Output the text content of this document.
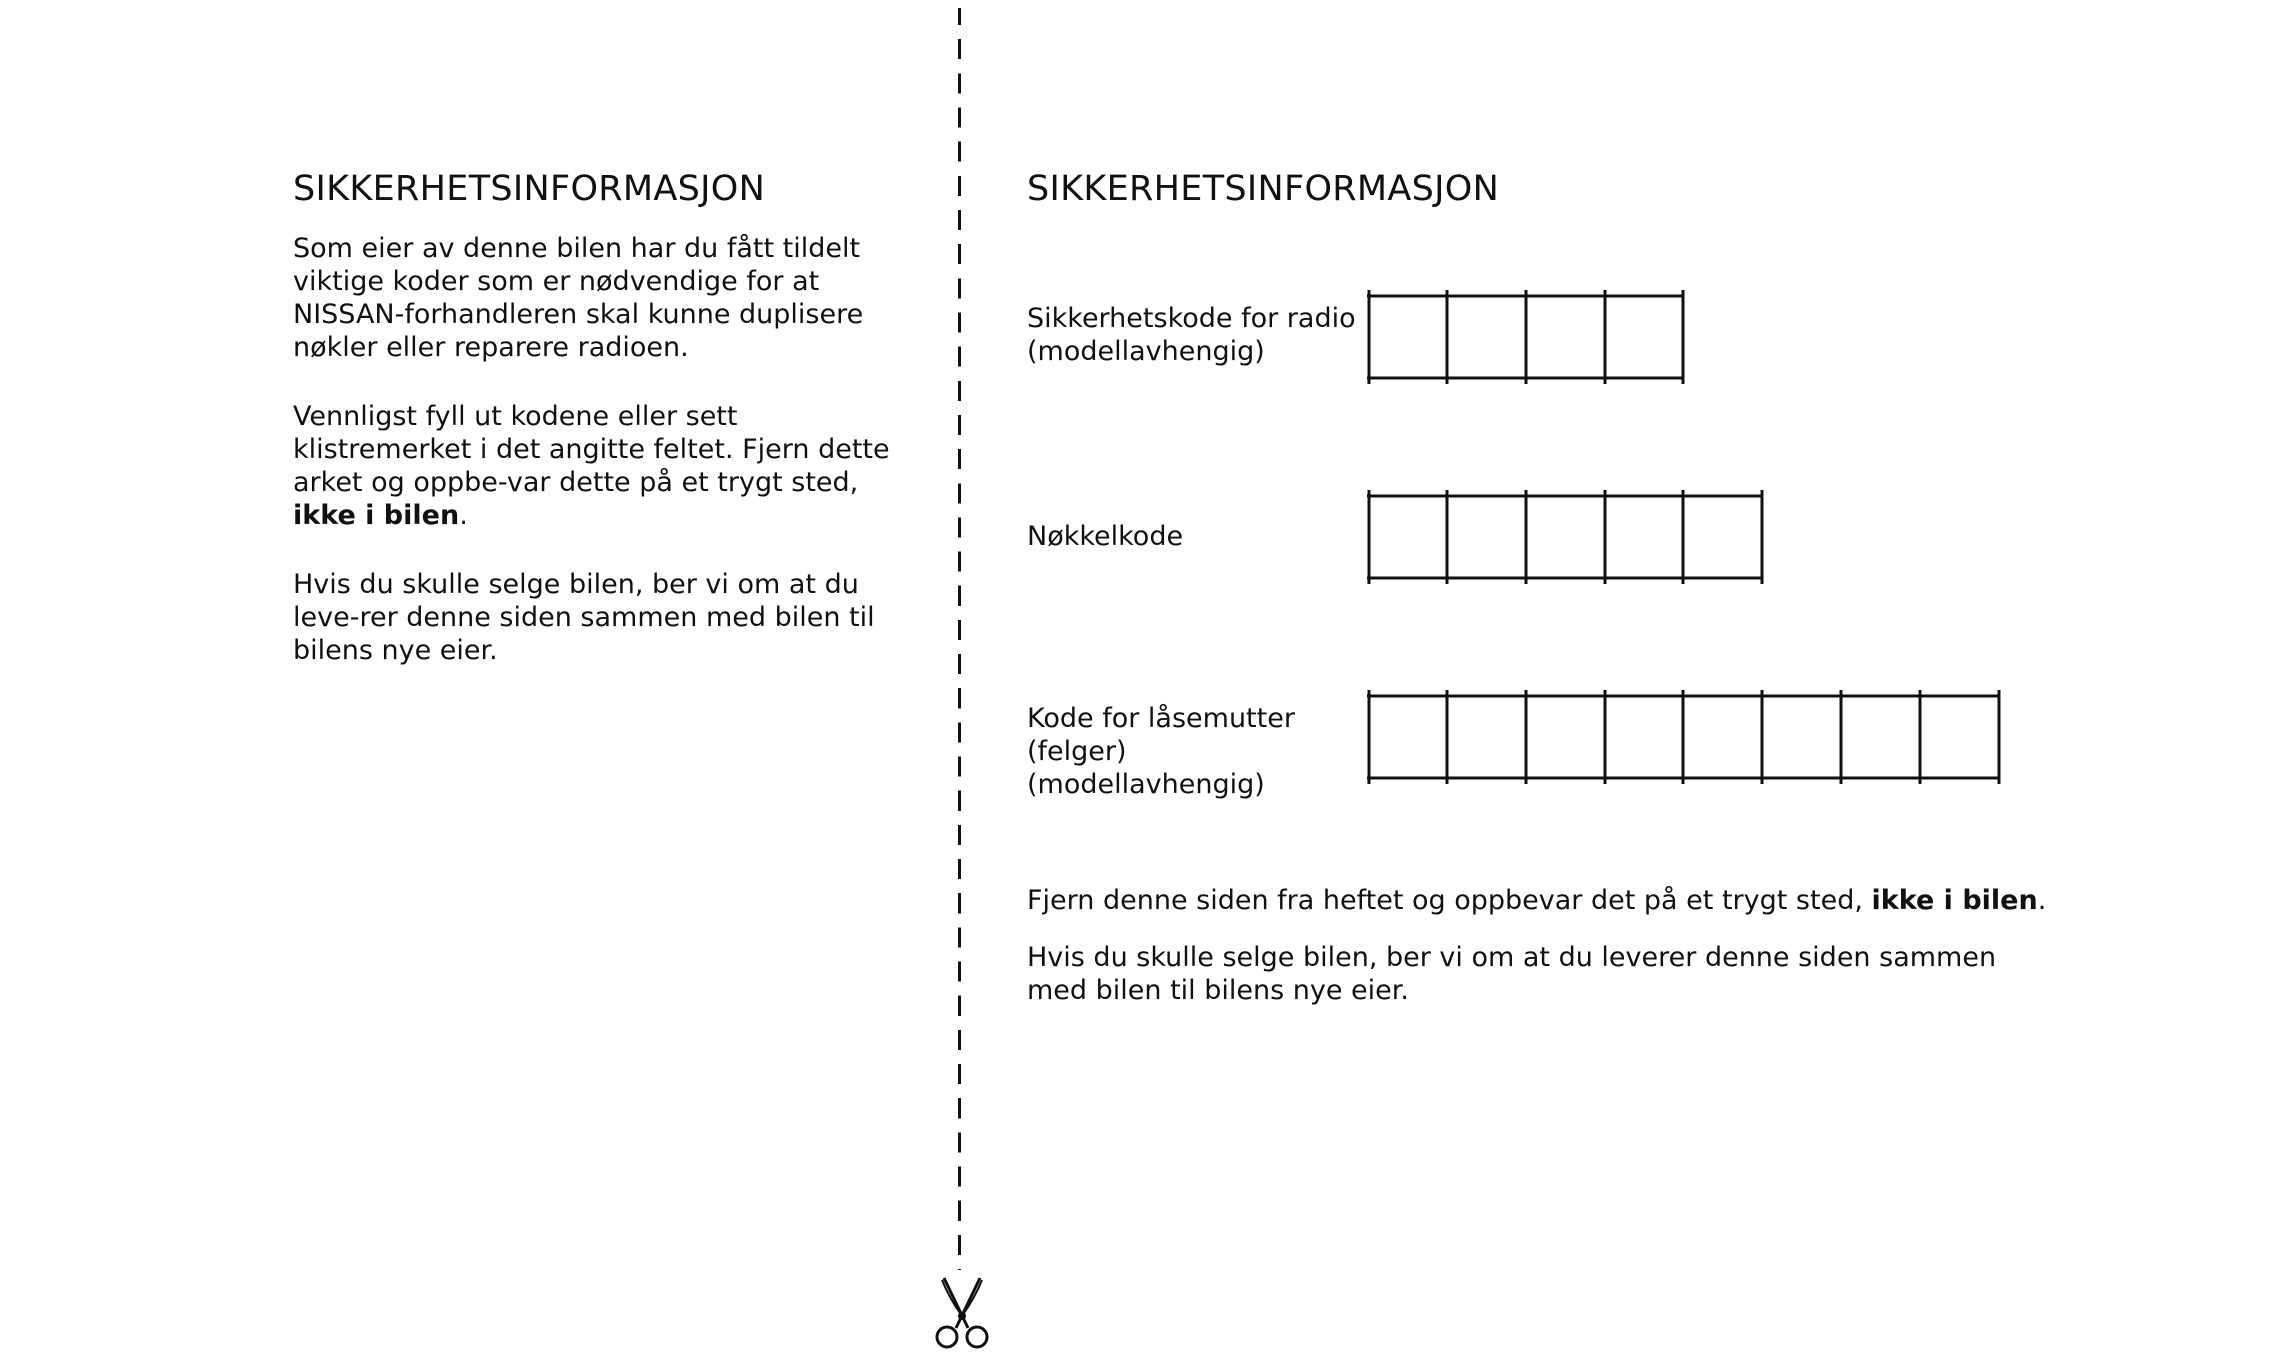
SIKKERHETSINFORMASJON

Som eier av denne bilen har du fått tildelt viktige koder som er nødvendige for at NISSAN-forhandleren skal kunne duplisere nøkler eller reparere radioen.

Vennligst fyll ut kodene eller sett klistremerket i det angitte feltet. Fjern dette arket og oppbe-var dette på et trygt sted, ikke i bilen.

Hvis du skulle selge bilen, ber vi om at du leve-rer denne siden sammen med bilen til bilens nye eier.

SIKKERHETSINFORMASJON
Sikkerhetskode for radio
(modellavhengig)
Nøkkelkode
Kode for låsemutter
(felger) (modellavhengig)

Fjern denne siden fra heftet og oppbevar det på et trygt sted, ikke i bilen.

Hvis du skulle selge bilen, ber vi om at du leverer denne siden sammen med bilen til bilens nye eier.
